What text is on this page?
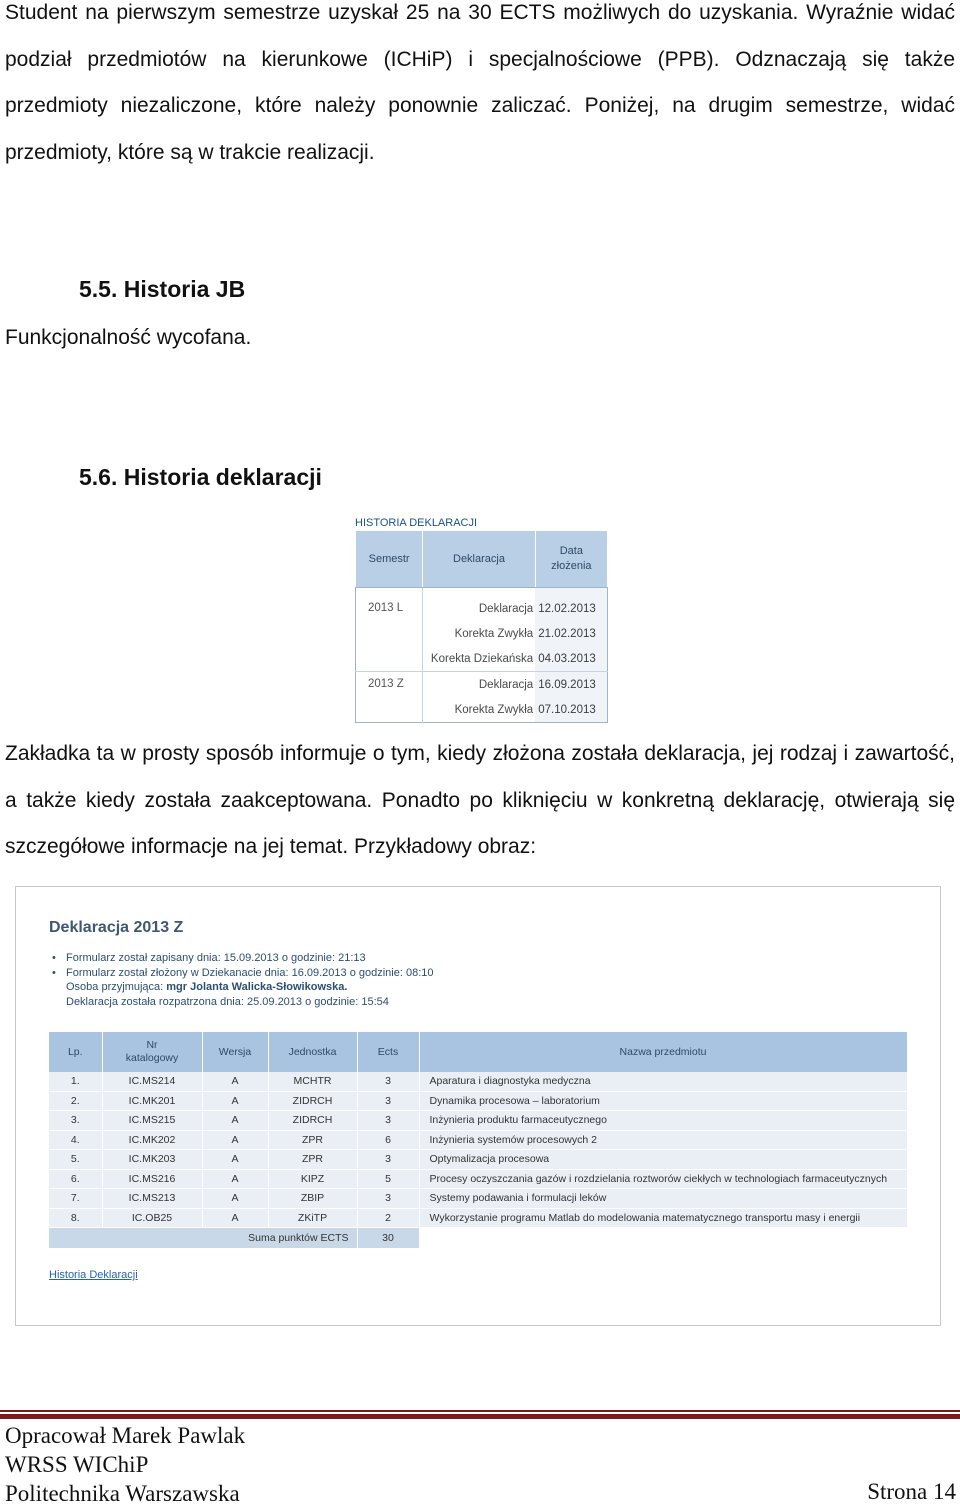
Student na pierwszym semestrze uzyskał 25 na 30 ECTS możliwych do uzyskania. Wyraźnie widać podział przedmiotów na kierunkowe (ICHiP) i specjalnościowe (PPB). Odznaczają się także przedmioty niezaliczone, które należy ponownie zaliczać. Poniżej, na drugim semestrze, widać przedmioty, które są w trakcie realizacji.

5.5. Historia JB

Funkcjonalność wycofana.

5.6. Historia deklaracji
HISTORIA DEKLARACJI
Semestr	Deklaracja	Data
złożenia

2013 L	Deklaracja	12.02.2013
	Korekta Zwykła	21.02.2013
	Korekta Dziekańska	04.03.2013
2013 Z	Deklaracja	16.09.2013
	Korekta Zwykła	07.10.2013

Zakładka ta w prosty sposób informuje o tym, kiedy złożona została deklaracja, jej rodzaj i zawartość, a także kiedy została zaakceptowana. Ponadto po kliknięciu w konkretną deklarację, otwierają się szczegółowe informacje na jej temat. Przykładowy obraz:

Deklaracja 2013 Z
• Formularz został zapisany dnia: 15.09.2013 o godzinie: 21:13
• Formularz został złożony w Dziekanacie dnia: 16.09.2013 o godzinie: 08:10
Osoba przyjmująca: mgr Jolanta Walicka-Słowikowska.
Deklaracja została rozpatrzona dnia: 25.09.2013 o godzinie: 15:54
Lp.	Nr
katalogowy	Wersja	Jednostka	Ects	Nazwa przedmiotu
1.	IC.MS214	A	MCHTR	3	Aparatura i diagnostyka medyczna
2.	IC.MK201	A	ZIDRCH	3	Dynamika procesowa – laboratorium
3.	IC.MS215	A	ZIDRCH	3	Inżynieria produktu farmaceutycznego
4.	IC.MK202	A	ZPR	6	Inżynieria systemów procesowych 2
5.	IC.MK203	A	ZPR	3	Optymalizacja procesowa
6.	IC.MS216	A	KIPZ	5	Procesy oczyszczania gazów i rozdzielania roztworów ciekłych w technologiach farmaceutycznych
7.	IC.MS213	A	ZBIP	3	Systemy podawania i formulacji leków
8.	IC.OB25	A	ZKiTP	2	Wykorzystanie programu Matlab do modelowania matematycznego transportu masy i energii
Suma punktów ECTS				30	
Historia Deklaracji

Opracował Marek Pawlak

WRSS WIChiP

Politechnika Warszawska	Strona 14
